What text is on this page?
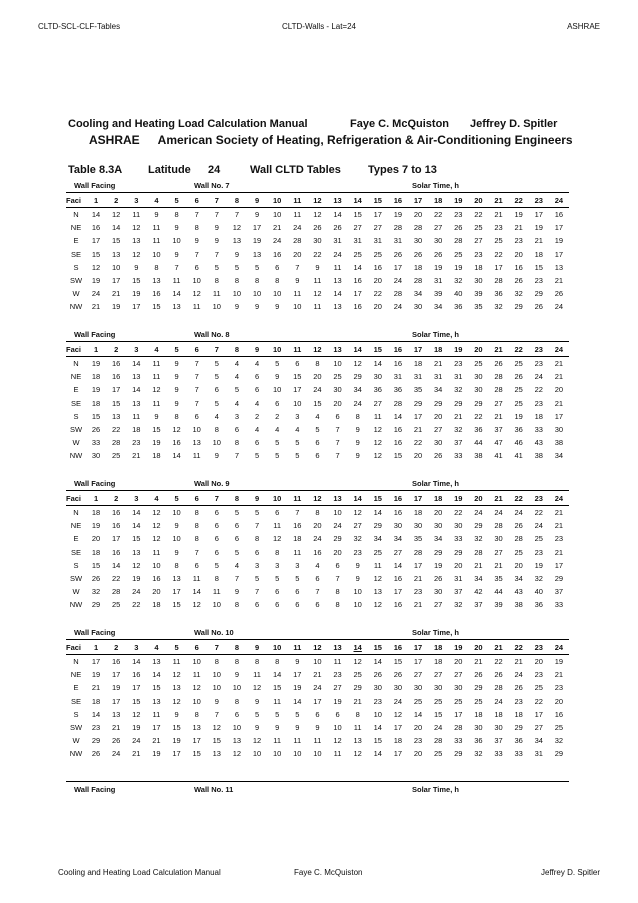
CLTD-SCL-CLF-Tables	CLTD-Walls - Lat=24	ASHRAE
Cooling and Heating Load Calculation Manual	Faye C. McQuiston Jeffrey D. Spitler
ASHRAE American Society of Heating, Refrigeration & Air-Conditioning Engineers
Table 8.3A Latitude 24	Wall CLTD Tables Types 7 to 13
Wall Facing	Wall No. 7	Solar Time, h
Faci	1	2	3	4	5	6	7	8	9	10	11	12	13	14	15	16	17	18	19	20	21	22	23	24
N	14	12	11	9	8	7	7	7	9	10	11	12	14	15	17	19	20	22	23	22	21	19	17	16
NE	16	14	12	11	9	8	9	12	17	21	24	26	26	27	27	28	28	27	26	25	23	21	19	17
E	17	15	13	11	10	9	9	13	19	24	28	30	31	31	31	31	30	30	28	27	25	23	21	19
SE	15	13	12	10	9	7	7	9	13	16	20	22	24	25	25	26	26	26	25	23	22	20	18	17
S	12	10	9	8	7	6	5	5	5	6	7	9	11	14	16	17	18	19	19	18	17	16	15	13
SW	19	17	15	13	11	10	8	8	8	8	9	11	13	16	20	24	28	31	32	30	28	26	23	21
W	24	21	19	16	14	12	11	10	10	10	11	12	14	17	22	28	34	39	40	39	36	32	29	26
NW	21	19	17	15	13	11	10	9	9	9	10	11	13	16	20	24	30	34	36	35	32	29	26	24
Wall Facing	Wall No. 8	Solar Time, h
Faci	1	2	3	4	5	6	7	8	9	10	11	12	13	14	15	16	17	18	19	20	21	22	23	24
N	19	16	14	11	9	7	5	4	4	5	6	8	10	12	14	16	18	21	23	25	26	25	23	21
NE	18	16	13	11	9	7	5	4	6	9	15	20	25	29	30	31	31	31	31	30	28	26	24	21
E	19	17	14	12	9	7	6	5	6	10	17	24	30	34	36	36	35	34	32	30	28	25	22	20
SE	18	15	13	11	9	7	5	4	4	6	10	15	20	24	27	28	29	29	29	29	27	25	23	21
S	15	13	11	9	8	6	4	3	2	2	3	4	6	8	11	14	17	20	21	22	21	19	18	17
SW	26	22	18	15	12	10	8	6	4	4	4	5	7	9	12	16	21	27	32	36	37	36	33	30
W	33	28	23	19	16	13	10	8	6	5	5	6	7	9	12	16	22	30	37	44	47	46	43	38
NW	30	25	21	18	14	11	9	7	5	5	5	6	7	9	12	15	20	26	33	38	41	41	38	34
Wall Facing	Wall No. 9	Solar Time, h
Faci	1	2	3	4	5	6	7	8	9	10	11	12	13	14	15	16	17	18	19	20	21	22	23	24
N	18	16	14	12	10	8	6	5	5	6	7	8	10	12	14	16	18	20	22	24	24	24	22	21
NE	19	16	14	12	9	8	6	6	7	11	16	20	24	27	29	30	30	30	30	29	28	26	24	21
E	20	17	15	12	10	8	6	6	8	12	18	24	29	32	34	34	35	34	33	32	30	28	25	23
SE	18	16	13	11	9	7	6	5	6	8	11	16	20	23	25	27	28	29	29	28	27	25	23	21
S	15	14	12	10	8	6	5	4	3	3	3	4	6	9	11	14	17	19	20	21	21	20	19	17
SW	26	22	19	16	13	11	8	7	5	5	5	6	7	9	12	16	21	26	31	34	35	34	32	29
W	32	28	24	20	17	14	11	9	7	6	6	7	8	10	13	17	23	30	37	42	44	43	40	37
NW	29	25	22	18	15	12	10	8	6	6	6	6	8	10	12	16	21	27	32	37	39	38	36	33
Wall Facing	Wall No. 10	Solar Time, h
Faci	1	2	3	4	5	6	7	8	9	10	11	12	13	14	15	16	17	18	19	20	21	22	23	24
N	17	16	14	13	11	10	8	8	8	8	9	10	11	12	14	15	17	18	20	21	22	21	20	19
NE	19	17	16	14	12	11	10	9	11	14	17	21	23	25	26	26	27	27	27	26	26	24	23	21
E	21	19	17	15	13	12	10	10	12	15	19	24	27	29	30	30	30	30	30	29	28	26	25	23
SE	18	17	15	13	12	10	9	8	9	11	14	17	19	21	23	24	25	25	25	25	24	23	22	20
S	14	13	12	11	9	8	7	6	5	5	5	6	6	8	10	12	14	15	17	18	18	18	17	16
SW	23	21	19	17	15	13	12	10	9	9	9	9	10	11	14	17	20	24	28	30	30	29	27	25
W	29	26	24	21	19	17	15	13	12	11	11	11	12	13	15	18	23	28	33	36	37	36	34	32
NW	26	24	21	19	17	15	13	12	10	10	10	10	11	12	14	17	20	25	29	32	33	33	31	29
Wall Facing	Wall No. 11	Solar Time, h
Cooling and Heating Load Calculation Manual	Faye C. McQuiston	Jeffrey D. Spitler
